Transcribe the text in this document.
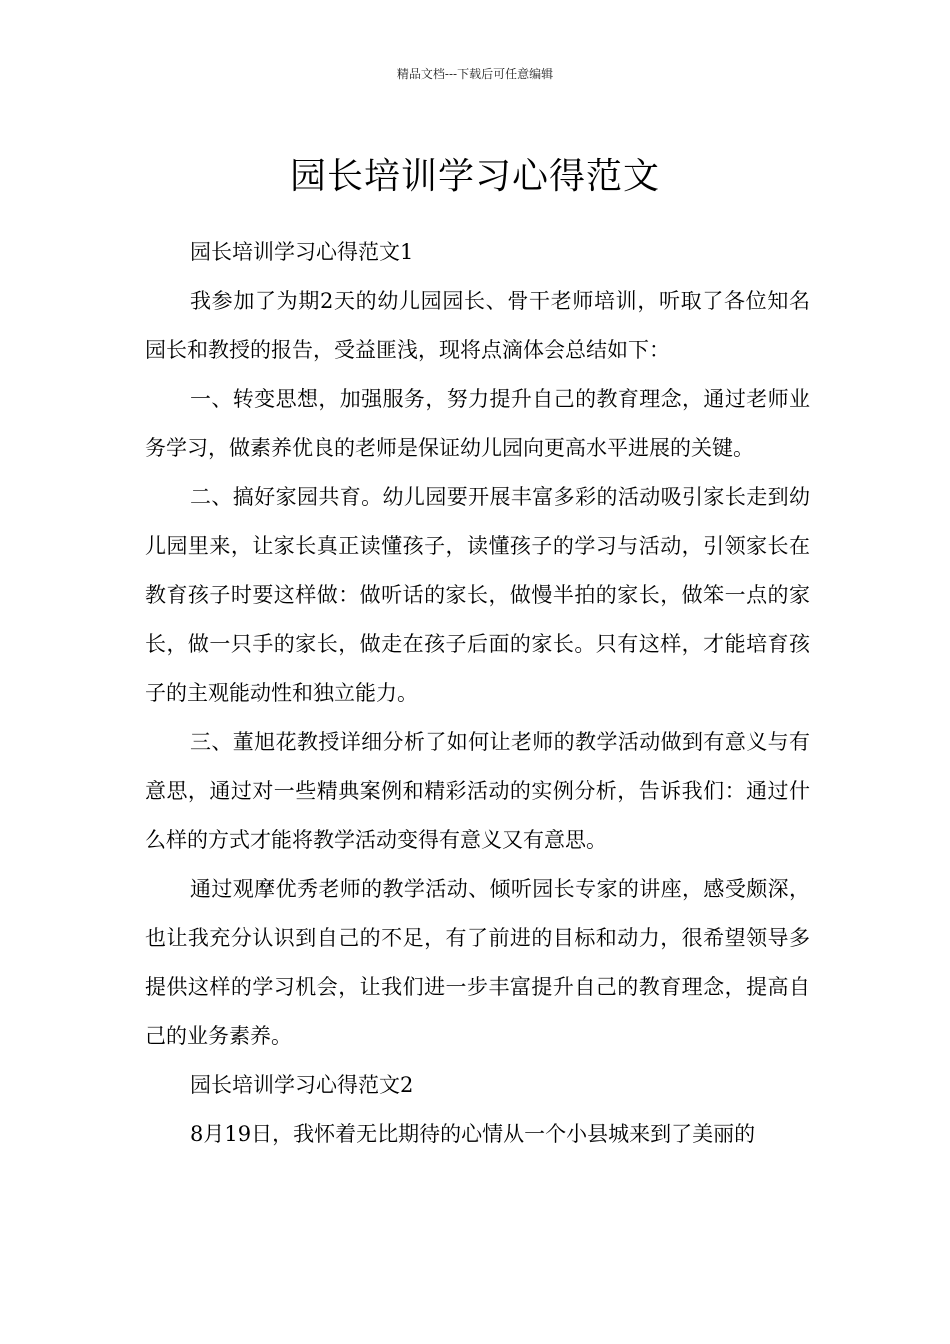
精品文档---下载后可任意编辑
园长培训学习心得范文

园长培训学习心得范文1

我参加了为期2天的幼儿园园长、骨干老师培训，听取了各位知名园长和教授的报告，受益匪浅，现将点滴体会总结如下：

一、转变思想，加强服务，努力提升自己的教育理念，通过老师业务学习，做素养优良的老师是保证幼儿园向更高水平进展的关键。

二、搞好家园共育。幼儿园要开展丰富多彩的活动吸引家长走到幼儿园里来，让家长真正读懂孩子，读懂孩子的学习与活动，引领家长在教育孩子时要这样做：做听话的家长，做慢半拍的家长，做笨一点的家长，做一只手的家长，做走在孩子后面的家长。只有这样，才能培育孩子的主观能动性和独立能力。

三、董旭花教授详细分析了如何让老师的教学活动做到有意义与有意思，通过对一些精典案例和精彩活动的实例分析，告诉我们：通过什么样的方式才能将教学活动变得有意义又有意思。

通过观摩优秀老师的教学活动、倾听园长专家的讲座，感受颇深，也让我充分认识到自己的不足，有了前进的目标和动力，很希望领导多提供这样的学习机会，让我们进一步丰富提升自己的教育理念，提高自己的业务素养。

园长培训学习心得范文2

8月19日，我怀着无比期待的心情从一个小县城来到了美丽的
